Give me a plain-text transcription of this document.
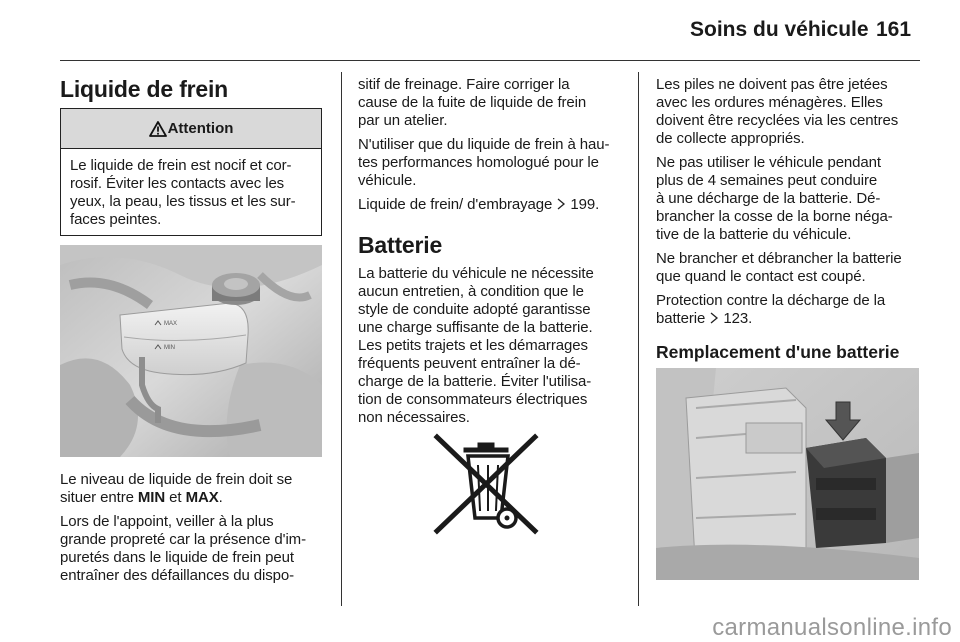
Soins du véhicule 161
Liquide de frein
Attention

Le liquide de frein est nocif et cor-
rosif. Éviter les contacts avec les
yeux, la peau, les tissus et les sur-
faces peintes.

MAX
MIN

Le niveau de liquide de frein doit se
situer entre MIN et MAX.

Lors de l'appoint, veiller à la plus
grande propreté car la présence d'im-
puretés dans le liquide de frein peut
entraîner des défaillances du dispo-

sitif de freinage. Faire corriger la
cause de la fuite de liquide de frein
par un atelier.

N'utiliser que du liquide de frein à hau-
tes performances homologué pour le
véhicule.

Liquide de frein/ d'embrayage  199.

Batterie

La batterie du véhicule ne nécessite
aucun entretien, à condition que le
style de conduite adopté garantisse
une charge suffisante de la batterie.
Les petits trajets et les démarrages
fréquents peuvent entraîner la dé-
charge de la batterie. Éviter l'utilisa-
tion de consommateurs électriques
non nécessaires.

Les piles ne doivent pas être jetées
avec les ordures ménagères. Elles
doivent être recyclées via les centres
de collecte appropriés.

Ne pas utiliser le véhicule pendant
plus de 4 semaines peut conduire
à une décharge de la batterie. Dé-
brancher la cosse de la borne néga-
tive de la batterie du véhicule.

Ne brancher et débrancher la batterie
que quand le contact est coupé.

Protection contre la décharge de la
batterie  123.

Remplacement d'une batterie
carmanualsonline.info
